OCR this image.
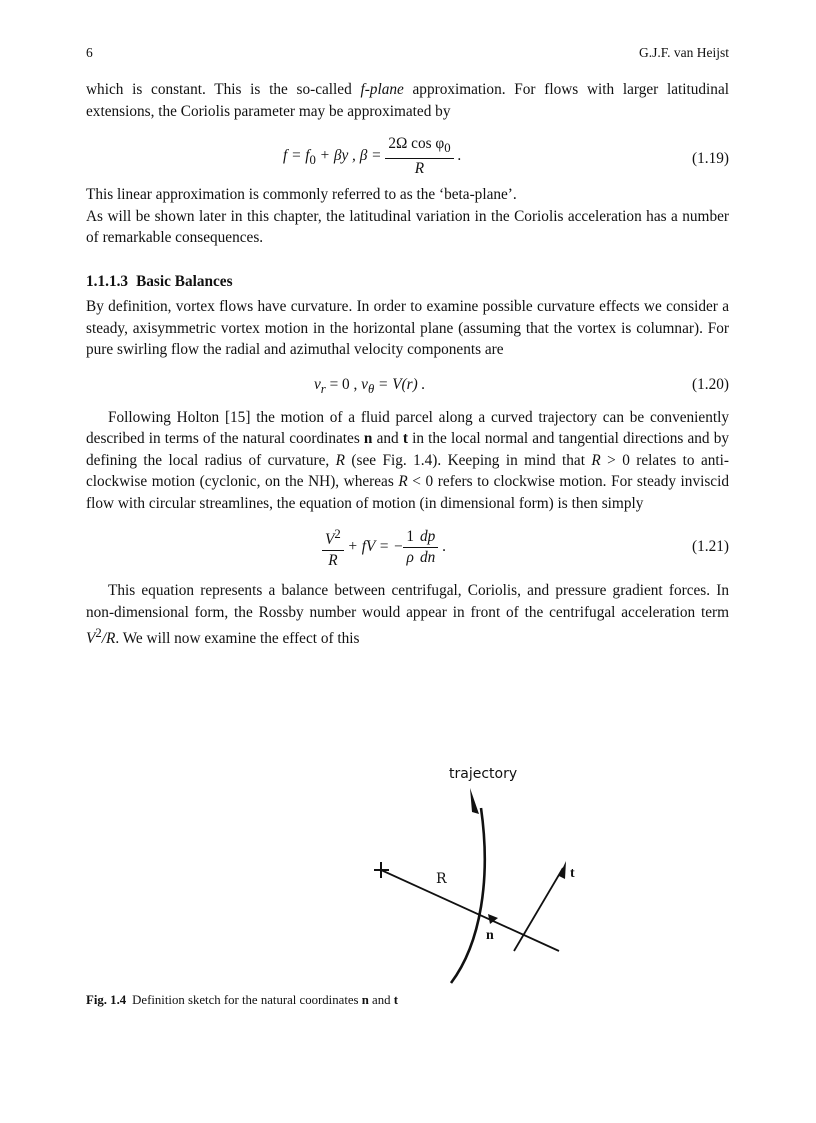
6	G.J.F. van Heijst

which is constant. This is the so-called f-plane approximation. For flows with larger latitudinal extensions, the Coriolis parameter may be approximated by

$f = f_0 + \beta y$ , $\beta = \frac{2\Omega \cos \varphi_0}{R}$ .	(1.19)

This linear approximation is commonly referred to as the ‘beta-plane’.
As will be shown later in this chapter, the latitudinal variation in the Coriolis acceleration has a number of remarkable consequences.

1.1.1.3 Basic Balances

By definition, vortex flows have curvature. In order to examine possible curvature effects we consider a steady, axisymmetric vortex motion in the horizontal plane (assuming that the vortex is columnar). For pure swirling flow the radial and azimuthal velocity components are

$v_r = 0$ , $v_\theta = V(r)$ .	(1.20)

Following Holton [15] the motion of a fluid parcel along a curved trajectory can be conveniently described in terms of the natural coordinates n and t in the local normal and tangential directions and by defining the local radius of curvature, R (see Fig. 1.4). Keeping in mind that R > 0 relates to anti-clockwise motion (cyclonic, on the NH), whereas R < 0 refers to clockwise motion. For steady inviscid flow with circular streamlines, the equation of motion (in dimensional form) is then simply

$\frac{V^2}{R}$ + fV = − $\frac{1}{\rho} \frac{dp}{dn}$ .	(1.21)

This equation represents a balance between centrifugal, Coriolis, and pressure gradient forces. In non-dimensional form, the Rossby number would appear in front of the centrifugal acceleration term $V^2/R$. We will now examine the effect of this

trajectory
R
n
t
Fig. 1.4 Definition sketch for the natural coordinates n and t
